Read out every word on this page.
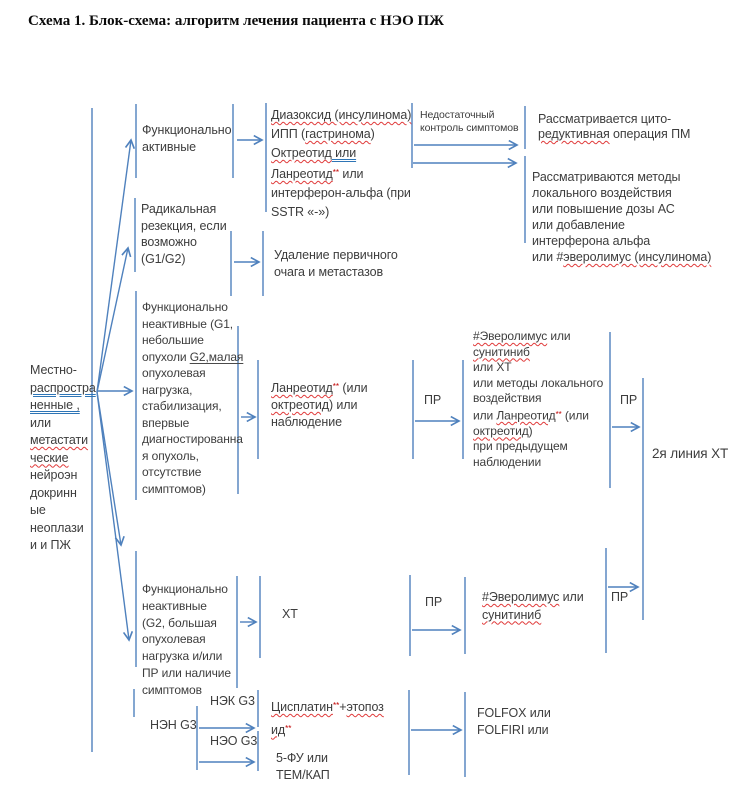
Схема 1. Блок-схема: алгоритм лечения пациента с НЭО ПЖ
Местно-
распростра
ненные ,
или
метастати
ческие
нейроэн
докринн
ые
неоплази
и и ПЖ
Функционально
активные
Радикальная
резекция, если
возможно
(G1/G2)
Диазоксид (инсулинома)
ИПП (гастринома)
Октреотид или
Ланреотид** или
интерферон-альфа (при
SSTR «-»)
Недостаточный
контроль симптомов
Рассматривается цито-
редуктивная операция ПМ
Рассматриваются методы
локального воздействия
или повышение дозы АС
или добавление
интерферона альфа
или #эверолимус (инсулинома)
Удаление первичного
очага и метастазов
Функционально
неактивные (G1,
небольшие
опухоли G2,малая
опухолевая
нагрузка,
стабилизация,
впервые
диагностированна
я опухоль,
отсутствие
симптомов)
Ланреотид** (или
октреотид) или
наблюдение
ПР
#Эверолимус или
сунитиниб
или ХТ
или методы локального
воздействия
или Ланреотид** (или
октреотид)
при предыдущем
наблюдении
ПР
2я линия ХТ
Функционально
неактивные
(G2, большая
опухолевая
нагрузка и/или
ПР или наличие
симптомов
ХТ
ПР	#Эверолимус или
сунитиниб
ПР
НЭН G3
НЭК G3
НЭО G3
Цисплатин**+этопоз
ид**
5-ФУ или
ТЕМ/КАП
FOLFOX или
FOLFIRI или
